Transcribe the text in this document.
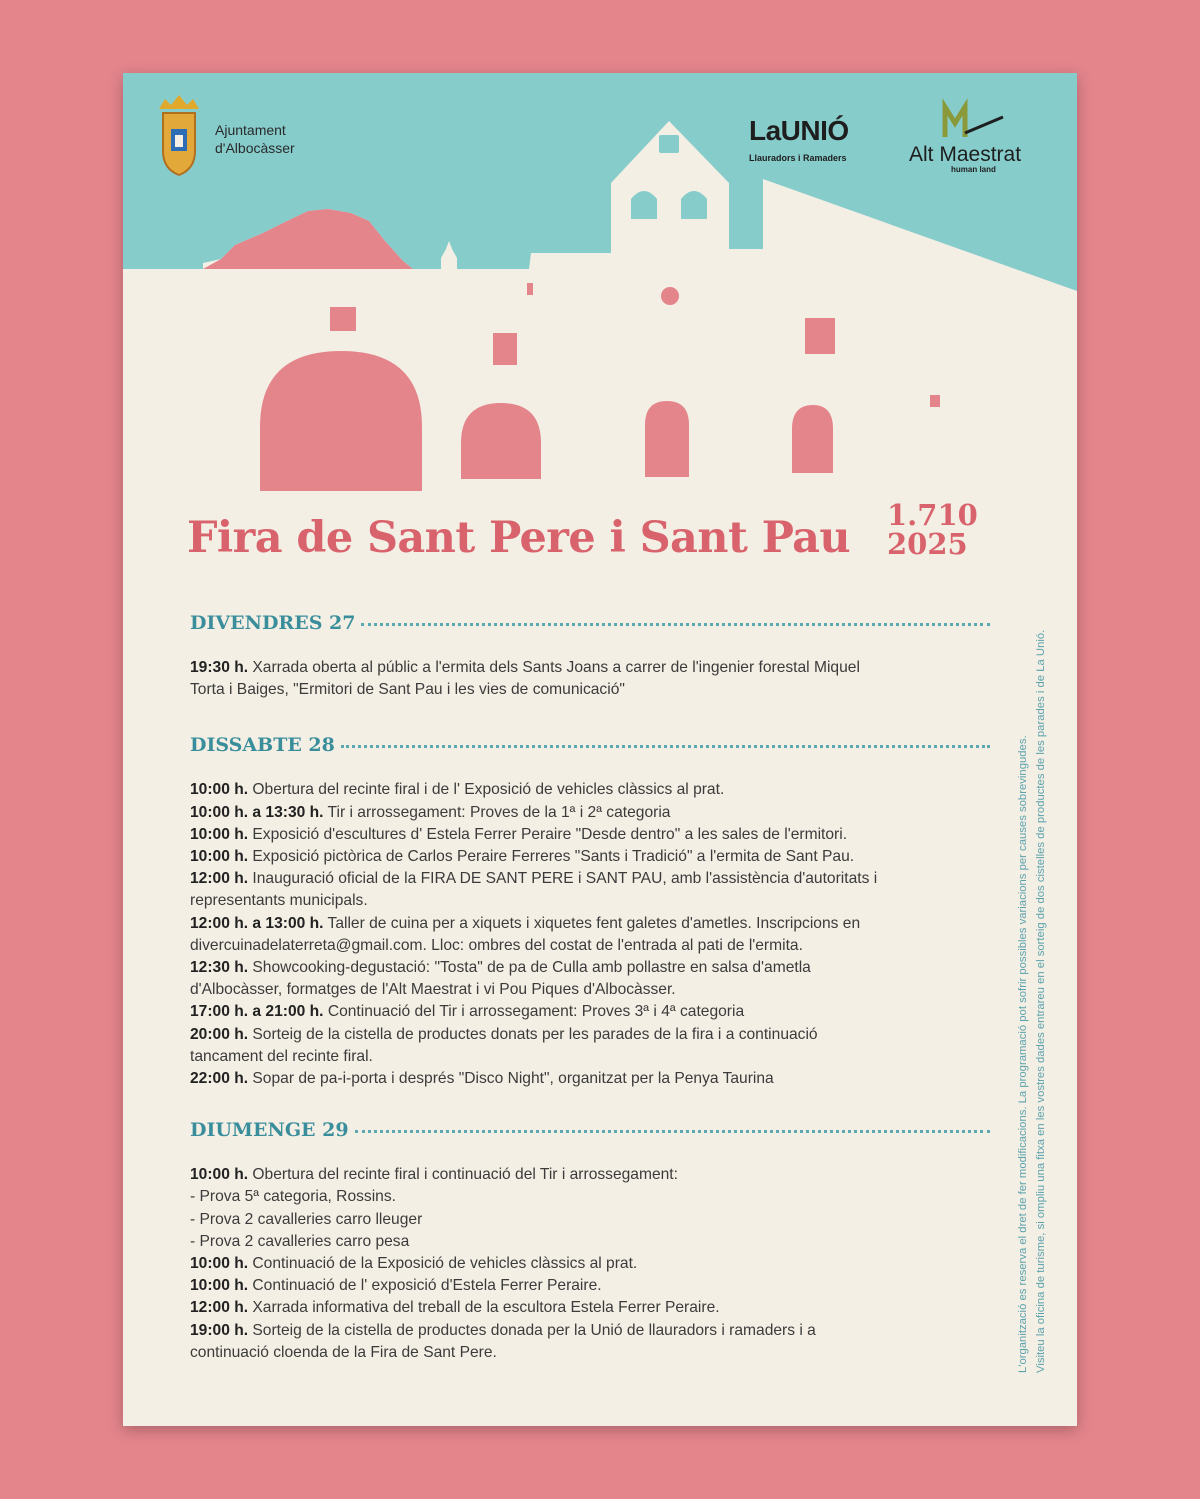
Ajuntament
d'Albocàsser
LaUNIÓ
Llauradors i Ramaders	Alt Maestrat
human land
Fira de Sant Pere i Sant Pau 1.710
2025
DIVENDRES 27
19:30 h. Xarrada oberta al públic a l'ermita dels Sants Joans a carrer de l'ingenier forestal Miquel
Torta i Baiges, "Ermitori de Sant Pau i les vies de comunicació"
DISSABTE 28
10:00 h. Obertura del recinte firal i de l' Exposició de vehicles clàssics al prat.
10:00 h. a 13:30 h. Tir i arrossegament: Proves de la 1ª i 2ª categoria
10:00 h. Exposició d'escultures d' Estela Ferrer Peraire "Desde dentro" a les sales de l'ermitori.
10:00 h. Exposició pictòrica de Carlos Peraire Ferreres "Sants i Tradició" a l'ermita de Sant Pau.
12:00 h. Inauguració oficial de la FIRA DE SANT PERE i SANT PAU, amb l'assistència d'autoritats i
representants municipals.
12:00 h. a 13:00 h. Taller de cuina per a xiquets i xiquetes fent galetes d'ametles. Inscripcions en
divercuinadelaterreta@gmail.com. Lloc: ombres del costat de l'entrada al pati de l'ermita.
12:30 h. Showcooking-degustació: "Tosta" de pa de Culla amb pollastre en salsa d'ametla
d'Albocàsser, formatges de l'Alt Maestrat i vi Pou Piques d'Albocàsser.
17:00 h. a 21:00 h. Continuació del Tir i arrossegament: Proves 3ª i 4ª categoria
20:00 h. Sorteig de la cistella de productes donats per les parades de la fira i a continuació
tancament del recinte firal.
22:00 h. Sopar de pa-i-porta i després "Disco Night", organitzat per la Penya Taurina
DIUMENGE 29
10:00 h. Obertura del recinte firal i continuació del Tir i arrossegament:
- Prova 5ª categoria, Rossins.
- Prova 2 cavalleries carro lleuger
- Prova 2 cavalleries carro pesa
10:00 h. Continuació de la Exposició de vehicles clàssics al prat.
10:00 h. Continuació de l' exposició d'Estela Ferrer Peraire.
12:00 h. Xarrada informativa del treball de la escultora Estela Ferrer Peraire.
19:00 h. Sorteig de la cistella de productes donada per la Unió de llauradors i ramaders i a
continuació cloenda de la Fira de Sant Pere.	L'organització es reserva el dret de fer modificacions. La programació pot sofrir possibles variacions per causes sobrevingudes. Visiteu la oficina de turisme, si ompliu una fitxa en les vostres dades entrareu en el sorteig de dos cistelles de productes de les parades i de La Unió.
